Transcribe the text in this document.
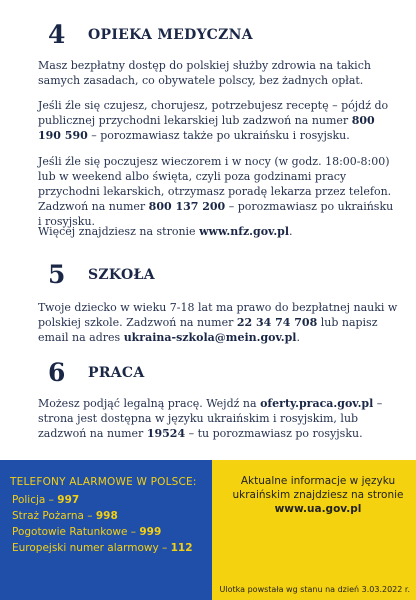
4	OPIEKA MEDYCZNA
Masz bezpłatny dostęp do polskiej służby zdrowia na takich samych zasadach, co obywatele polscy, bez żadnych opłat.
Jeśli źle się czujesz, chorujesz, potrzebujesz receptę – pójdź do publicznej przychodni lekarskiej lub zadzwoń na numer 800 190 590 – porozmawiasz także po ukraińsku i rosyjsku.
Jeśli źle się poczujesz wieczorem i w nocy (w godz. 18:00-8:00) lub w weekend albo święta, czyli poza godzinami pracy przychodni lekarskich, otrzymasz poradę lekarza przez telefon. Zadzwoń na numer 800 137 200 – porozmawiasz po ukraińsku i rosyjsku.
Więcej znajdziesz na stronie www.nfz.gov.pl.
5	SZKOŁA
Twoje dziecko w wieku 7-18 lat ma prawo do bezpłatnej nauki w polskiej szkole. Zadzwoń na numer 22 34 74 708 lub napisz email na adres ukraina-szkola@mein.gov.pl.
6	PRACA
Możesz podjąć legalną pracę. Wejdź na oferty.praca.gov.pl – strona jest dostępna w języku ukraińskim i rosyjskim, lub zadzwoń na numer 19524 – tu porozmawiasz po rosyjsku.
TELEFONY ALARMOWE W POLSCE:
Policja – 997
Straż Pożarna – 998
Pogotowie Ratunkowe – 999
Europejski numer alarmowy – 112
Aktualne informacje w języku ukraińskim znajdziesz na stronie
www.ua.gov.pl
Ulotka powstała wg stanu na dzień 3.03.2022 r.
